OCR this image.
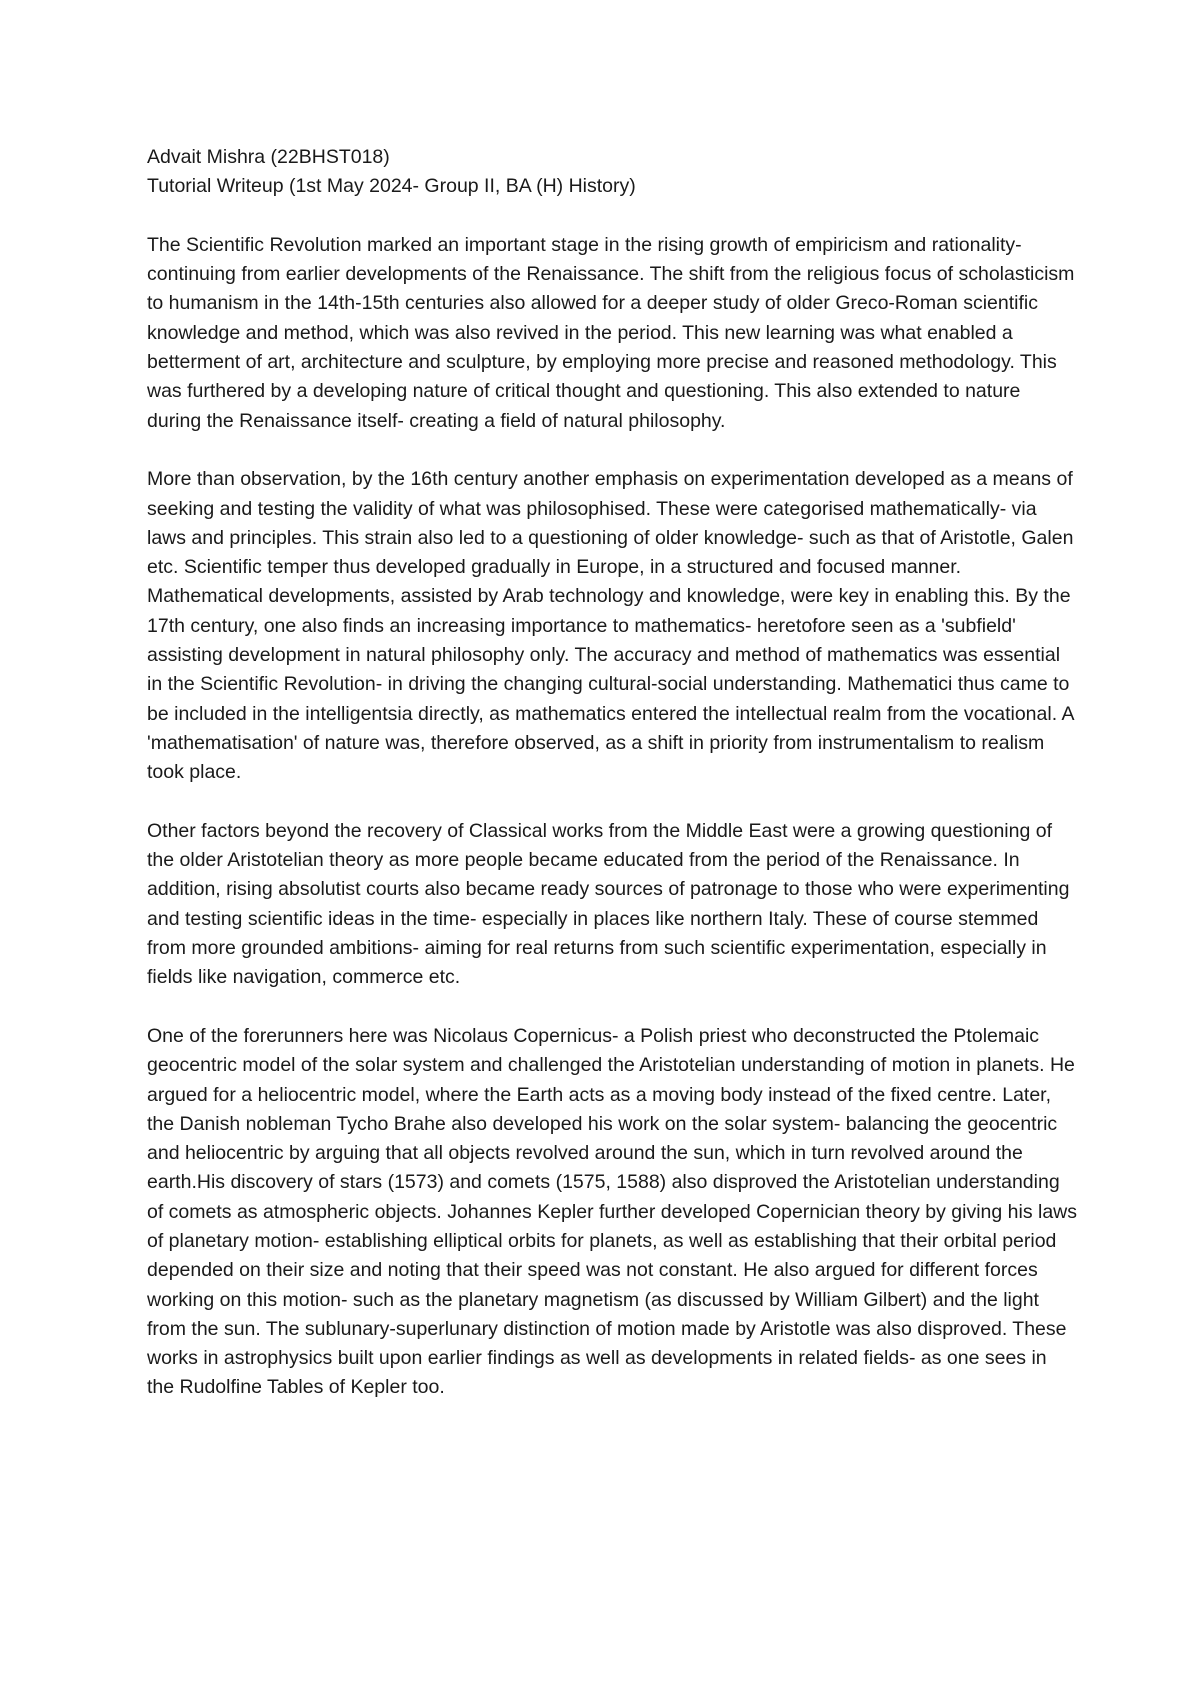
Advait Mishra (22BHST018)
Tutorial Writeup (1st May 2024- Group II, BA (H) History)

The Scientific Revolution marked an important stage in the rising growth of empiricism and rationality- continuing from earlier developments of the Renaissance. The shift from the religious focus of scholasticism to humanism in the 14th-15th centuries also allowed for a deeper study of older Greco-Roman scientific knowledge and method, which was also revived in the period. This new learning was what enabled a betterment of art, architecture and sculpture, by employing more precise and reasoned methodology. This was furthered by a developing nature of critical thought and questioning. This also extended to nature during the Renaissance itself- creating a field of natural philosophy.

More than observation, by the 16th century another emphasis on experimentation developed as a means of seeking and testing the validity of what was philosophised. These were categorised mathematically- via laws and principles. This strain also led to a questioning of older knowledge- such as that of Aristotle, Galen etc. Scientific temper thus developed gradually in Europe, in a structured and focused manner. Mathematical developments, assisted by Arab technology and knowledge, were key in enabling this. By the 17th century, one also finds an increasing importance to mathematics- heretofore seen as a 'subfield' assisting development in natural philosophy only. The accuracy and method of mathematics was essential in the Scientific Revolution- in driving the changing cultural-social understanding. Mathematici thus came to be included in the intelligentsia directly, as mathematics entered the intellectual realm from the vocational. A 'mathematisation' of nature was, therefore observed, as a shift in priority from instrumentalism to realism took place.

Other factors beyond the recovery of Classical works from the Middle East were a growing questioning of the older Aristotelian theory as more people became educated from the period of the Renaissance. In addition, rising absolutist courts also became ready sources of patronage to those who were experimenting and testing scientific ideas in the time- especially in places like northern Italy. These of course stemmed from more grounded ambitions- aiming for real returns from such scientific experimentation, especially in fields like navigation, commerce etc.

One of the forerunners here was Nicolaus Copernicus- a Polish priest who deconstructed the Ptolemaic geocentric model of the solar system and challenged the Aristotelian understanding of motion in planets. He argued for a heliocentric model, where the Earth acts as a moving body instead of the fixed centre. Later, the Danish nobleman Tycho Brahe also developed his work on the solar system- balancing the geocentric and heliocentric by arguing that all objects revolved around the sun, which in turn revolved around the earth.His discovery of stars (1573) and comets (1575, 1588) also disproved the Aristotelian understanding of comets as atmospheric objects. Johannes Kepler further developed Copernician theory by giving his laws of planetary motion- establishing elliptical orbits for planets, as well as establishing that their orbital period depended on their size and noting that their speed was not constant. He also argued for different forces working on this motion- such as the planetary magnetism (as discussed by William Gilbert) and the light from the sun. The sublunary-superlunary distinction of motion made by Aristotle was also disproved. These works in astrophysics built upon earlier findings as well as developments in related fields- as one sees in the Rudolfine Tables of Kepler too.
